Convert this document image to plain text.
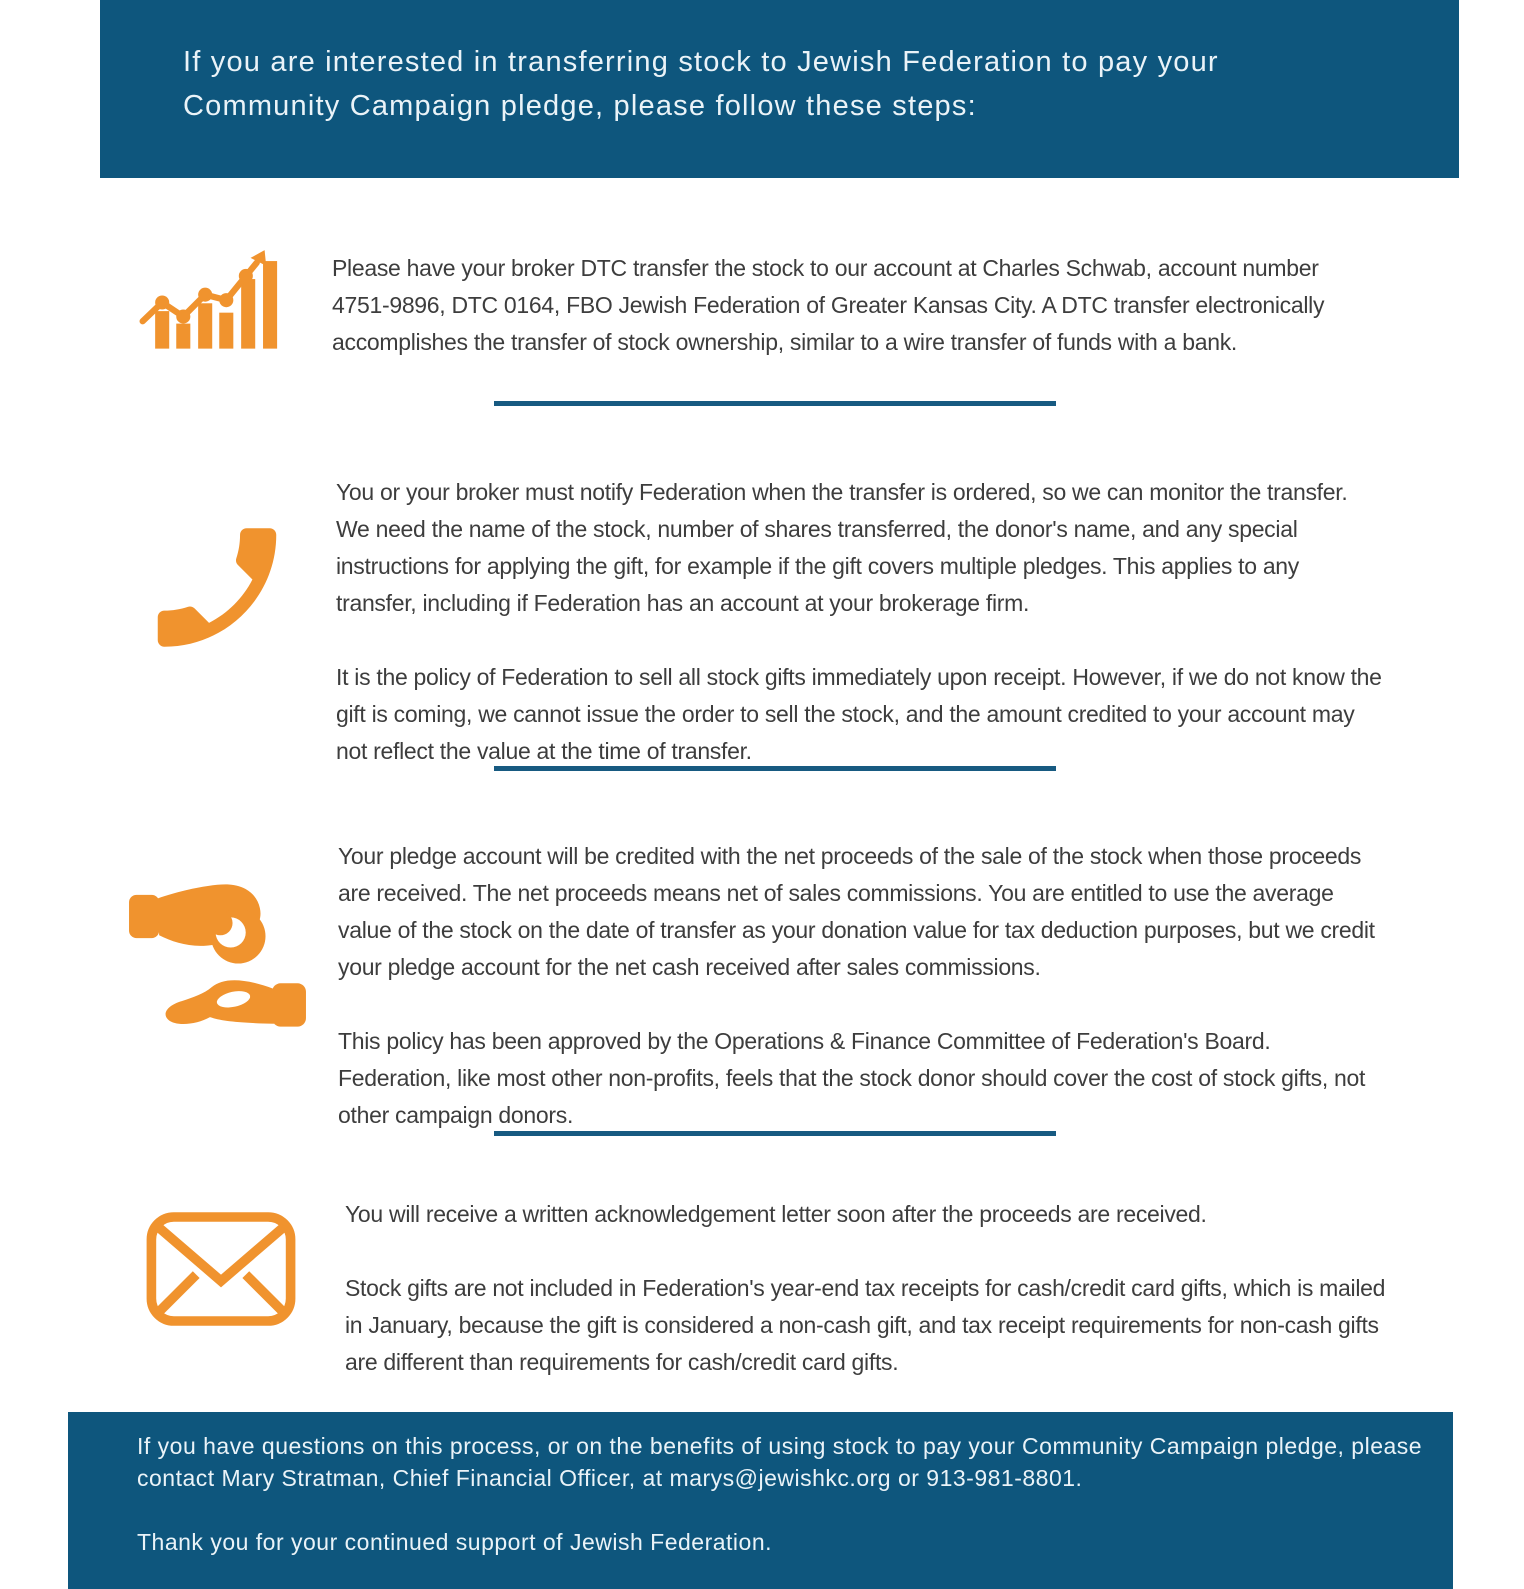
If you are interested in transferring stock to Jewish Federation to pay your Community Campaign pledge, please follow these steps:

Please have your broker DTC transfer the stock to our account at Charles Schwab, account number 4751-9896, DTC 0164, FBO Jewish Federation of Greater Kansas City. A DTC transfer electronically accomplishes the transfer of stock ownership, similar to a wire transfer of funds with a bank.

You or your broker must notify Federation when the transfer is ordered, so we can monitor the transfer. We need the name of the stock, number of shares transferred, the donor's name, and any special instructions for applying the gift, for example if the gift covers multiple pledges. This applies to any transfer, including if Federation has an account at your brokerage firm.

It is the policy of Federation to sell all stock gifts immediately upon receipt. However, if we do not know the gift is coming, we cannot issue the order to sell the stock, and the amount credited to your account may not reflect the value at the time of transfer.

Your pledge account will be credited with the net proceeds of the sale of the stock when those proceeds are received. The net proceeds means net of sales commissions. You are entitled to use the average value of the stock on the date of transfer as your donation value for tax deduction purposes, but we credit your pledge account for the net cash received after sales commissions.

This policy has been approved by the Operations & Finance Committee of Federation's Board. Federation, like most other non-profits, feels that the stock donor should cover the cost of stock gifts, not other campaign donors.

You will receive a written acknowledgement letter soon after the proceeds are received.

Stock gifts are not included in Federation's year-end tax receipts for cash/credit card gifts, which is mailed in January, because the gift is considered a non-cash gift, and tax receipt requirements for non-cash gifts are different than requirements for cash/credit card gifts.

If you have questions on this process, or on the benefits of using stock to pay your Community Campaign pledge, please contact Mary Stratman, Chief Financial Officer, at marys@jewishkc.org or 913-981-8801.

Thank you for your continued support of Jewish Federation.
